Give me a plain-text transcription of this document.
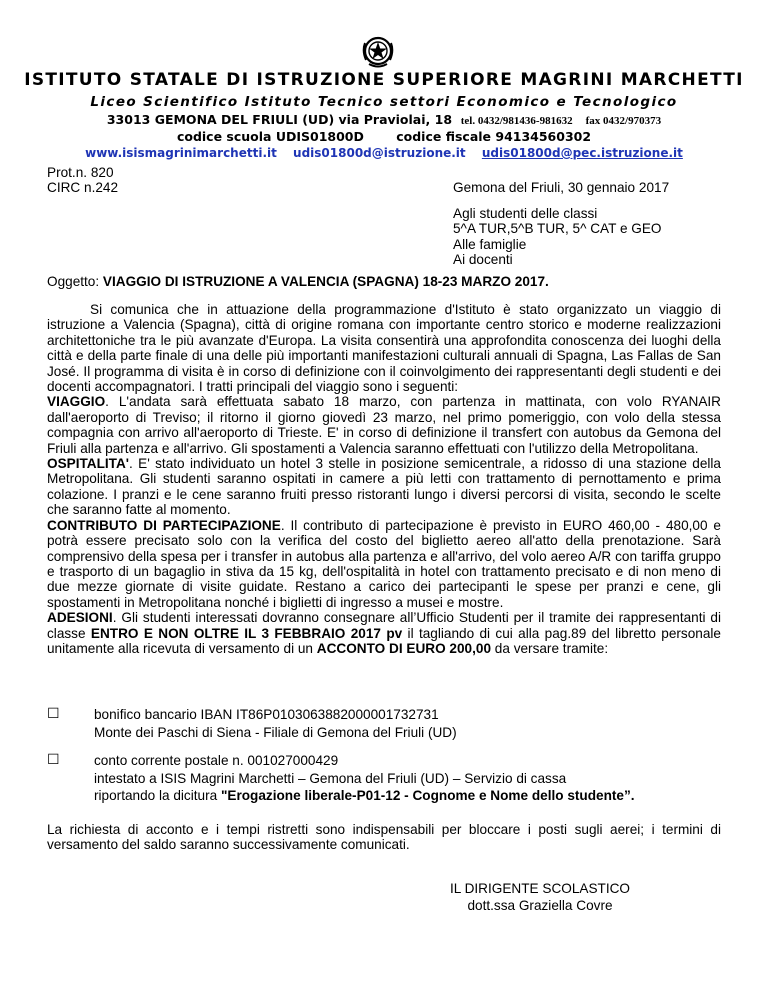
ISTITUTO STATALE DI ISTRUZIONE SUPERIORE MAGRINI MARCHETTI
Liceo Scientifico Istituto Tecnico settori Economico e Tecnologico
33013 GEMONA DEL FRIULI (UD) via Praviolai, 18 tel. 0432/981436-981632 fax 0432/970373
codice scuola UDIS01800D	codice fiscale 94134560302
www.isismagrinimarchetti.it udis01800d@istruzione.it udis01800d@pec.istruzione.it
Prot.n. 820
CIRC n.242	Gemona del Friuli, 30 gennaio 2017
Agli studenti delle classi
5^A TUR,5^B TUR, 5^ CAT e GEO
Alle famiglie
Ai docenti
Oggetto: VIAGGIO DI ISTRUZIONE A VALENCIA (SPAGNA) 18-23 MARZO 2017.

Si comunica che in attuazione della programmazione d'Istituto è stato organizzato un viaggio di istruzione a Valencia (Spagna), città di origine romana con importante centro storico e moderne realizzazioni architettoniche tra le più avanzate d'Europa. La visita consentirà una approfondita conoscenza dei luoghi della città e della parte finale di una delle più importanti manifestazioni culturali annuali di Spagna, Las Fallas de San José. Il programma di visita è in corso di definizione con il coinvolgimento dei rappresentanti degli studenti e dei docenti accompagnatori. I tratti principali del viaggio sono i seguenti:

VIAGGIO. L'andata sarà effettuata sabato 18 marzo, con partenza in mattinata, con volo RYANAIR dall'aeroporto di Treviso; il ritorno il giorno giovedì 23 marzo, nel primo pomeriggio, con volo della stessa compagnia con arrivo all'aeroporto di Trieste. E' in corso di definizione il transfert con autobus da Gemona del Friuli alla partenza e all'arrivo. Gli spostamenti a Valencia saranno effettuati con l'utilizzo della Metropolitana.

OSPITALITA'. E' stato individuato un hotel 3 stelle in posizione semicentrale, a ridosso di una stazione della Metropolitana. Gli studenti saranno ospitati in camere a più letti con trattamento di pernottamento e prima colazione. I pranzi e le cene saranno fruiti presso ristoranti lungo i diversi percorsi di visita, secondo le scelte che saranno fatte al momento.

CONTRIBUTO DI PARTECIPAZIONE. Il contributo di partecipazione è previsto in EURO 460,00 - 480,00 e potrà essere precisato solo con la verifica del costo del biglietto aereo all'atto della prenotazione. Sarà comprensivo della spesa per i transfer in autobus alla partenza e all'arrivo, del volo aereo A/R con tariffa gruppo e trasporto di un bagaglio in stiva da 15 kg, dell'ospitalità in hotel con trattamento precisato e di non meno di due mezze giornate di visite guidate. Restano a carico dei partecipanti le spese per pranzi e cene, gli spostamenti in Metropolitana nonché i biglietti di ingresso a musei e mostre.

ADESIONI. Gli studenti interessati dovranno consegnare all’Ufficio Studenti per il tramite dei rappresentanti di classe ENTRO E NON OLTRE IL 3 FEBBRAIO 2017 pv il tagliando di cui alla pag.89 del libretto personale unitamente alla ricevuta di versamento di un ACCONTO DI EURO 200,00 da versare tramite:

☐	bonifico bancario IBAN IT86P0103063882000001732731
Monte dei Paschi di Siena - Filiale di Gemona del Friuli (UD)
☐	conto corrente postale n. 001027000429
intestato a ISIS Magrini Marchetti – Gemona del Friuli (UD) – Servizio di cassa
riportando la dicitura "Erogazione liberale-P01-12 - Cognome e Nome dello studente”.
La richiesta di acconto e i tempi ristretti sono indispensabili per bloccare i posti sugli aerei; i termini di versamento del saldo saranno successivamente comunicati.
IL DIRIGENTE SCOLASTICO
dott.ssa Graziella Covre
